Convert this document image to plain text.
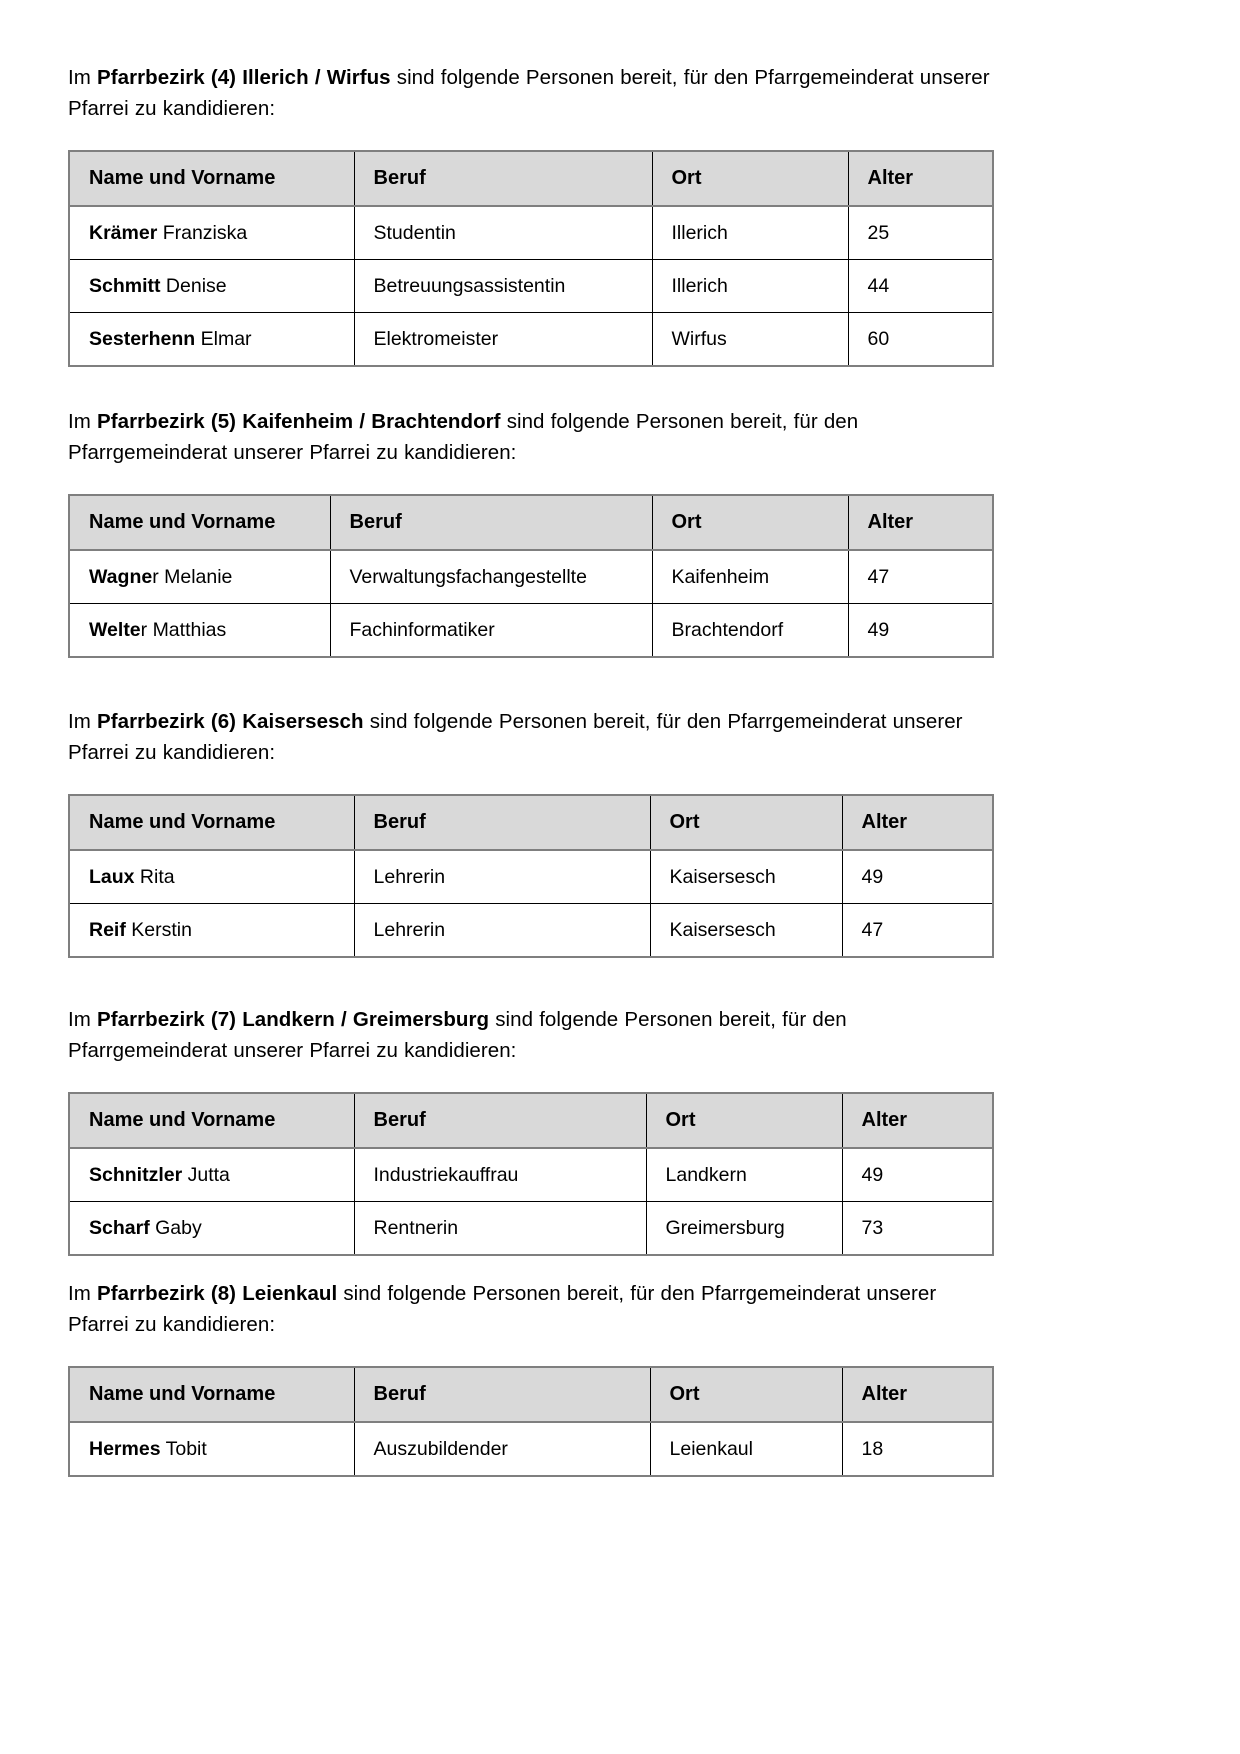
Im Pfarrbezirk (4) Illerich / Wirfus sind folgende Personen bereit, für den Pfarrgemeinderat unserer Pfarrei zu kandidieren:

Name und Vorname	Beruf	Ort	Alter
Krämer Franziska	Studentin	Illerich	25
Schmitt Denise	Betreuungsassistentin	Illerich	44
Sesterhenn Elmar	Elektromeister	Wirfus	60

Im Pfarrbezirk (5) Kaifenheim / Brachtendorf sind folgende Personen bereit, für den Pfarrgemeinderat unserer Pfarrei zu kandidieren:

Name und Vorname	Beruf	Ort	Alter
Wagner Melanie	Verwaltungsfachangestellte	Kaifenheim	47
Welter Matthias	Fachinformatiker	Brachtendorf	49

Im Pfarrbezirk (6) Kaisersesch sind folgende Personen bereit, für den Pfarrgemeinderat unserer Pfarrei zu kandidieren:

Name und Vorname	Beruf	Ort	Alter
Laux Rita	Lehrerin	Kaisersesch	49
Reif Kerstin	Lehrerin	Kaisersesch	47

Im Pfarrbezirk (7) Landkern / Greimersburg sind folgende Personen bereit, für den Pfarrgemeinderat unserer Pfarrei zu kandidieren:

Name und Vorname	Beruf	Ort	Alter
Schnitzler Jutta	Industriekauffrau	Landkern	49
Scharf Gaby	Rentnerin	Greimersburg	73

Im Pfarrbezirk (8) Leienkaul sind folgende Personen bereit, für den Pfarrgemeinderat unserer Pfarrei zu kandidieren:

Name und Vorname	Beruf	Ort	Alter
Hermes Tobit	Auszubildender	Leienkaul	18
